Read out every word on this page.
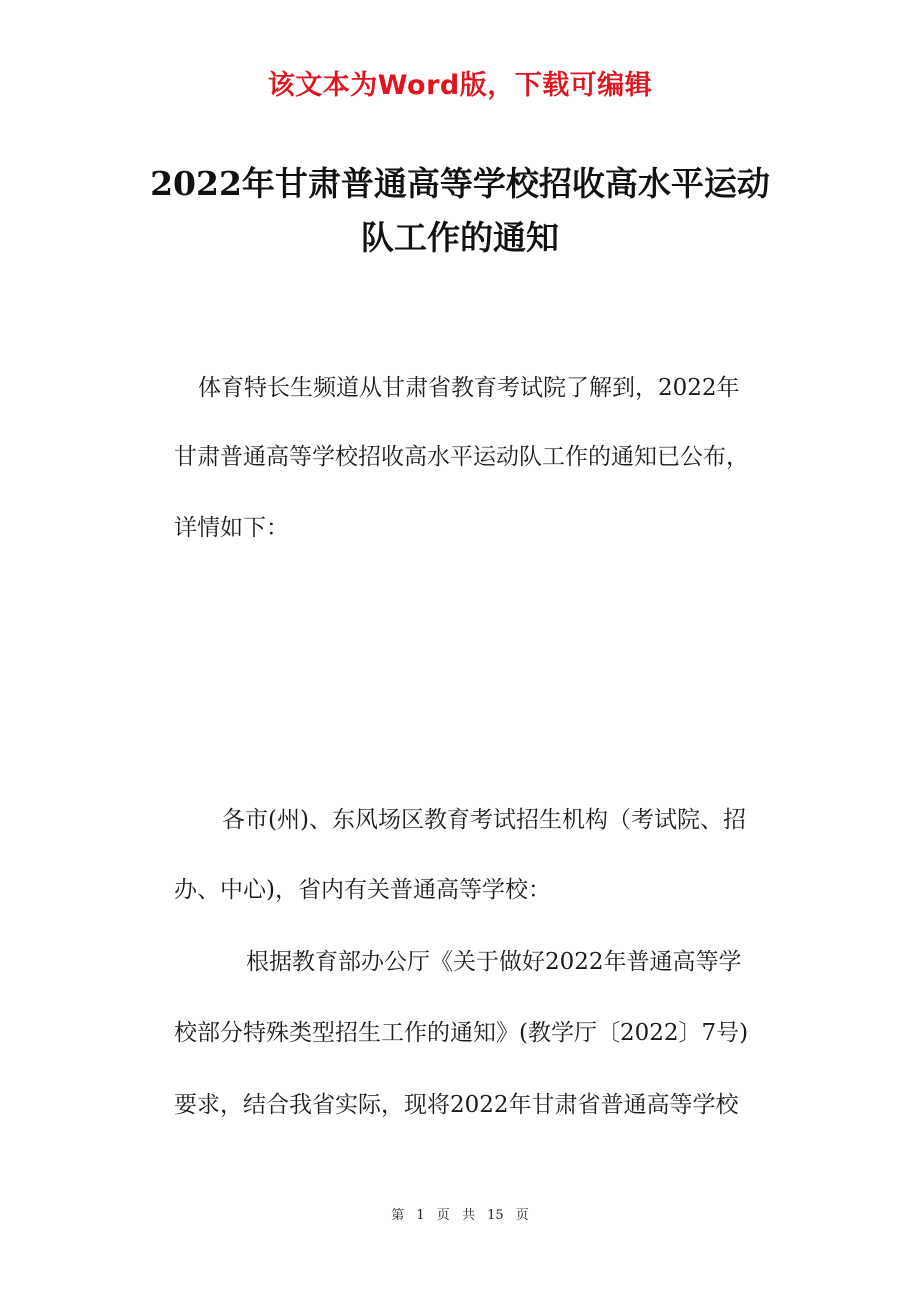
该文本为Word版，下载可编辑
2022年甘肃普通高等学校招收高水平运动
队工作的通知
体育特长生频道从甘肃省教育考试院了解到，2022年
甘肃普通高等学校招收高水平运动队工作的通知已公布，
详情如下：
各市(州)、东风场区教育考试招生机构（考试院、招
办、中心)，省内有关普通高等学校：
根据教育部办公厅《关于做好2022年普通高等学
校部分特殊类型招生工作的通知》(教学厅〔2022〕7号)
要求，结合我省实际，现将2022年甘肃省普通高等学校
第 1 页 共 15 页
